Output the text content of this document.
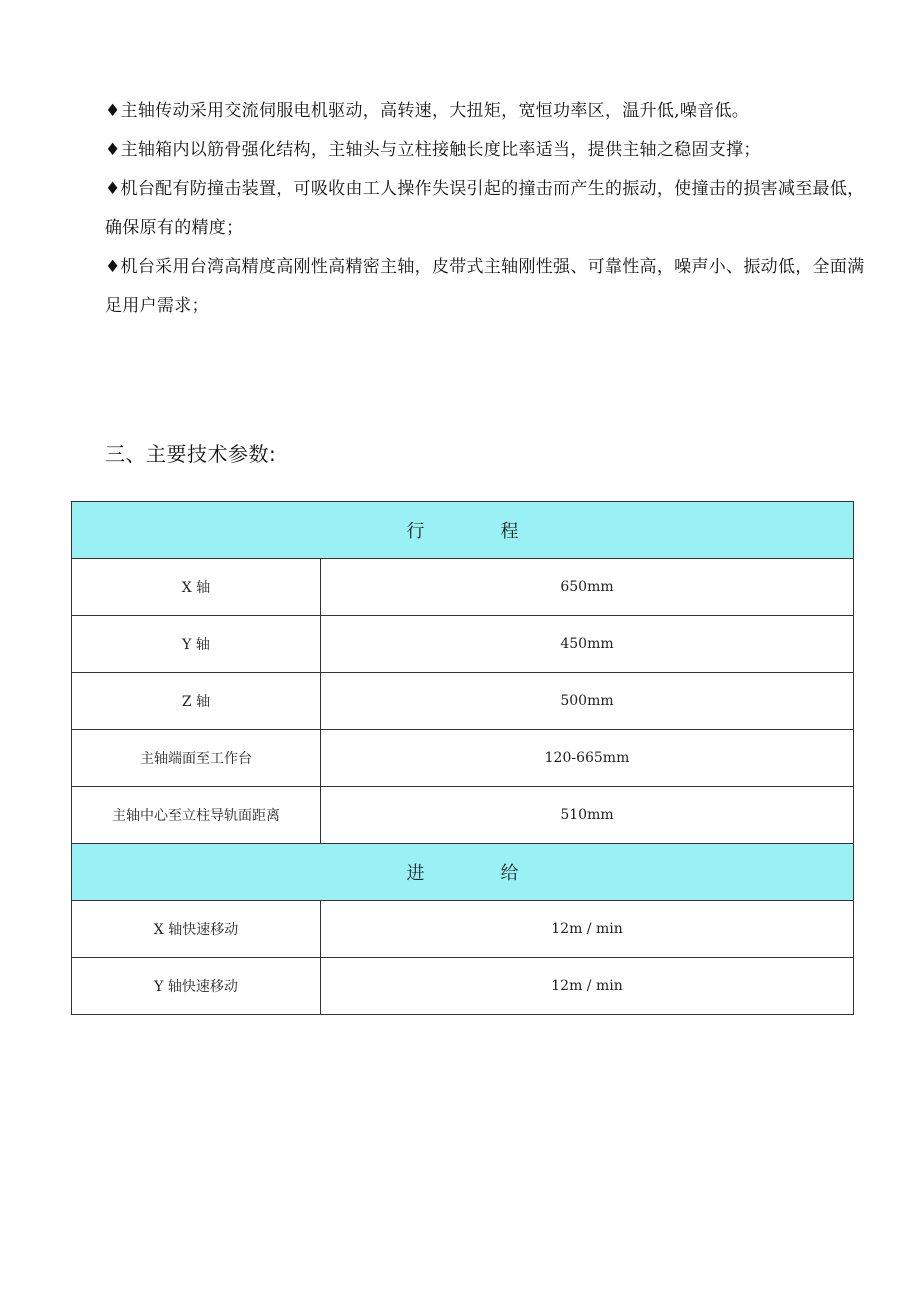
♦主轴传动采用交流伺服电机驱动，高转速，大扭矩，宽恒功率区，温升低,噪音低。

♦主轴箱内以筋骨强化结构，主轴头与立柱接触长度比率适当，提供主轴之稳固支撑；

♦机台配有防撞击装置，可吸收由工人操作失误引起的撞击而产生的振动，使撞击的损害减至最低，确保原有的精度；

♦机台采用台湾高精度高刚性高精密主轴，皮带式主轴刚性强、可靠性高，噪声小、振动低，全面满足用户需求；

三、主要技术参数:
行程	
X 轴	650mm
Y 轴	450mm
Z 轴	500mm
主轴端面至工作台	120-665mm
主轴中心至立柱导轨面距离	510mm
进给	
X 轴快速移动	12m / min
Y 轴快速移动	12m / min
